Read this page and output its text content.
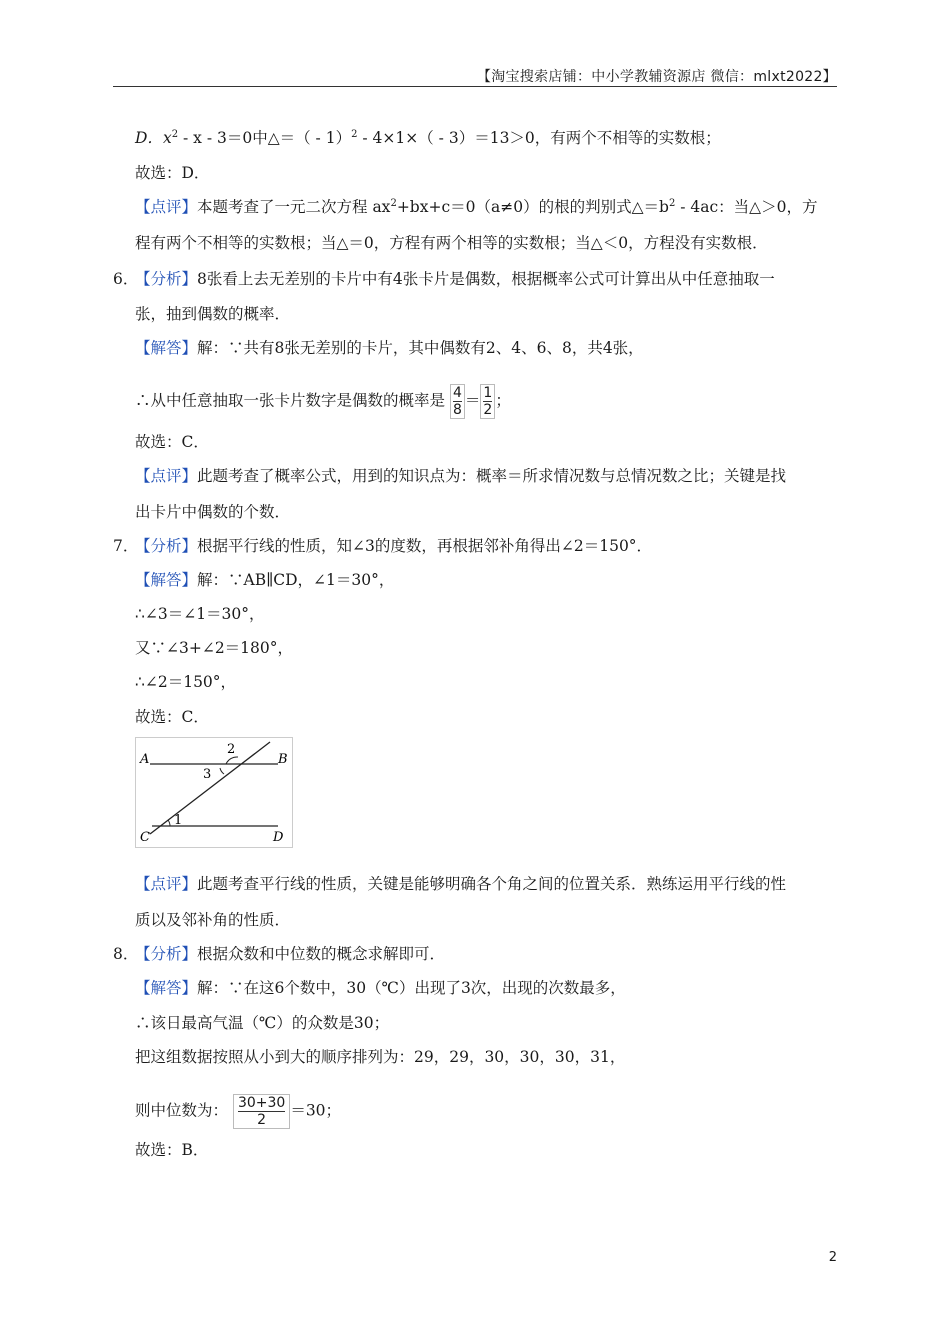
【淘宝搜索店铺：中小学教辅资源店 微信：mlxt2022】
D．$x^2 - x - 3=0$中△＝（ - 1）$^2$ - 4×1×（ - 3）＝13＞0，有两个不相等的实数根；
故选：D．
【点评】本题考查了一元二次方程 $ax^2+bx+c=0(a\ne 0)$的根的判别式$\triangle=b^2 - 4ac$：当△＞0，方
程有两个不相等的实数根；当△＝0，方程有两个相等的实数根；当△＜0，方程没有实数根．
6．
【分析】8张看上去无差别的卡片中有4张卡片是偶数，根据概率公式可计算出从中任意抽取一
张，抽到偶数的概率．
【解答】解：∵共有8张无差别的卡片，其中偶数有2、4、6、8，共4张，
∴从中任意抽取一张卡片数字是偶数的概率是 $\frac{4}{8} = \frac{1}{2}$ ；
故选：C．
【点评】此题考查了概率公式，用到的知识点为：概率＝所求情况数与总情况数之比；关键是找
出卡片中偶数的个数．
7．
【分析】根据平行线的性质，知∠3的度数，再根据邻补角得出∠2＝150°．
【解答】解：∵AB∥CD，∠1＝30°，
∴∠3＝∠1＝30°，
又∵∠3+∠2＝180°，
∴∠2＝150°，
故选：C．
A	B
C	D
1
2
3
【点评】此题考查平行线的性质，关键是能够明确各个角之间的位置关系．熟练运用平行线的性
质以及邻补角的性质．
8．
【分析】根据众数和中位数的概念求解即可．
【解答】解：∵在这6个数中，30（℃）出现了3次，出现的次数最多，
∴该日最高气温（℃）的众数是30；
把这组数据按照从小到大的顺序排列为：29，29，30，30，30，31，
则中位数为： $\frac{30+30}{2} =30$；
故选：B．
2
